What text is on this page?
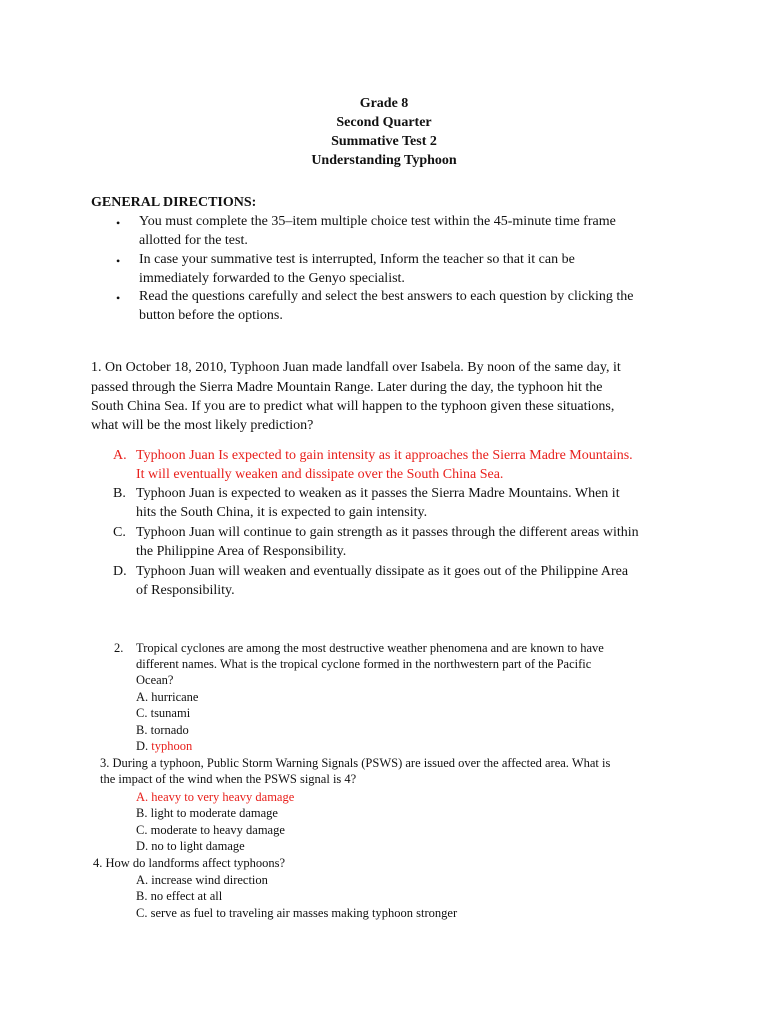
Grade 8
Second Quarter
Summative Test 2
Understanding Typhoon
GENERAL DIRECTIONS:
• You must complete the 35–item multiple choice test within the 45-minute time frame
allotted for the test.
• In case your summative test is interrupted, Inform the teacher so that it can be
immediately forwarded to the Genyo specialist.
• Read the questions carefully and select the best answers to each question by clicking the
button before the options.
1. On October 18, 2010, Typhoon Juan made landfall over Isabela. By noon of the same day, it
passed through the Sierra Madre Mountain Range. Later during the day, the typhoon hit the
South China Sea. If you are to predict what will happen to the typhoon given these situations,
what will be the most likely prediction?
A. Typhoon Juan Is expected to gain intensity as it approaches the Sierra Madre Mountains.
It will eventually weaken and dissipate over the South China Sea.
B. Typhoon Juan is expected to weaken as it passes the Sierra Madre Mountains. When it
hits the South China, it is expected to gain intensity.
C. Typhoon Juan will continue to gain strength as it passes through the different areas within
the Philippine Area of Responsibility.
D. Typhoon Juan will weaken and eventually dissipate as it goes out of the Philippine Area
of Responsibility.
2. Tropical cyclones are among the most destructive weather phenomena and are known to have
different names. What is the tropical cyclone formed in the northwestern part of the Pacific
Ocean?
A. hurricane
C. tsunami
B. tornado
D. typhoon
3. During a typhoon, Public Storm Warning Signals (PSWS) are issued over the affected area. What is
the impact of the wind when the PSWS signal is 4?
A. heavy to very heavy damage
B. light to moderate damage
C. moderate to heavy damage
D. no to light damage
4. How do landforms affect typhoons?
A. increase wind direction
B. no effect at all
C. serve as fuel to traveling air masses making typhoon stronger
